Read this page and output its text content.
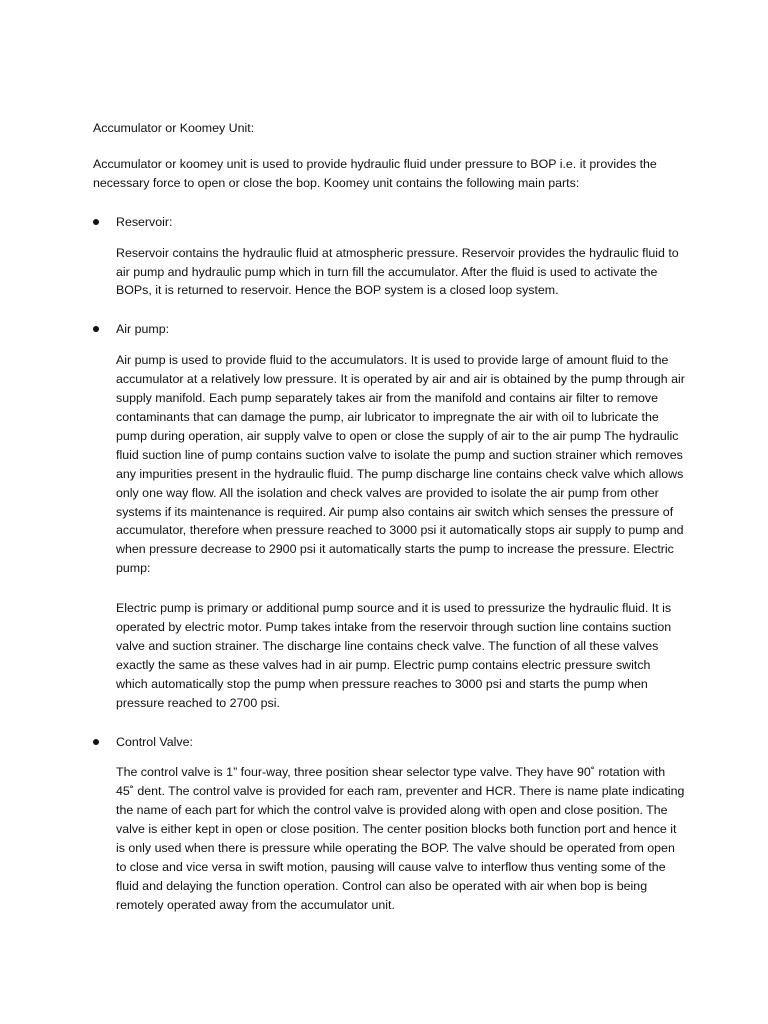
Accumulator or Koomey Unit:
Accumulator or koomey unit is used to provide hydraulic fluid under pressure to BOP i.e. it provides the necessary force to open or close the bop. Koomey unit contains the following main parts:
Reservoir:
Reservoir contains the hydraulic fluid at atmospheric pressure. Reservoir provides the hydraulic fluid to air pump and hydraulic pump which in turn fill the accumulator. After the fluid is used to activate the BOPs, it is returned to reservoir. Hence the BOP system is a closed loop system.
Air pump:
Air pump is used to provide fluid to the accumulators. It is used to provide large of amount fluid to the accumulator at a relatively low pressure. It is operated by air and air is obtained by the pump through air supply manifold. Each pump separately takes air from the manifold and contains air filter to remove contaminants that can damage the pump, air lubricator to impregnate the air with oil to lubricate the pump during operation, air supply valve to open or close the supply of air to the air pump The hydraulic fluid suction line of pump contains suction valve to isolate the pump and suction strainer which removes any impurities present in the hydraulic fluid. The pump discharge line contains check valve which allows only one way flow. All the isolation and check valves are provided to isolate the air pump from other systems if its maintenance is required. Air pump also contains air switch which senses the pressure of accumulator, therefore when pressure reached to 3000 psi it automatically stops air supply to pump and when pressure decrease to 2900 psi it automatically starts the pump to increase the pressure. Electric pump:
Electric pump is primary or additional pump source and it is used to pressurize the hydraulic fluid. It is operated by electric motor. Pump takes intake from the reservoir through suction line contains suction valve and suction strainer. The discharge line contains check valve. The function of all these valves exactly the same as these valves had in air pump. Electric pump contains electric pressure switch which automatically stop the pump when pressure reaches to 3000 psi and starts the pump when pressure reached to 2700 psi.
Control Valve:
The control valve is 1” four-way, three position shear selector type valve. They have 90˚ rotation with 45˚ dent. The control valve is provided for each ram, preventer and HCR. There is name plate indicating the name of each part for which the control valve is provided along with open and close position. The valve is either kept in open or close position. The center position blocks both function port and hence it is only used when there is pressure while operating the BOP. The valve should be operated from open to close and vice versa in swift motion, pausing will cause valve to interflow thus venting some of the fluid and delaying the function operation. Control can also be operated with air when bop is being remotely operated away from the accumulator unit.
